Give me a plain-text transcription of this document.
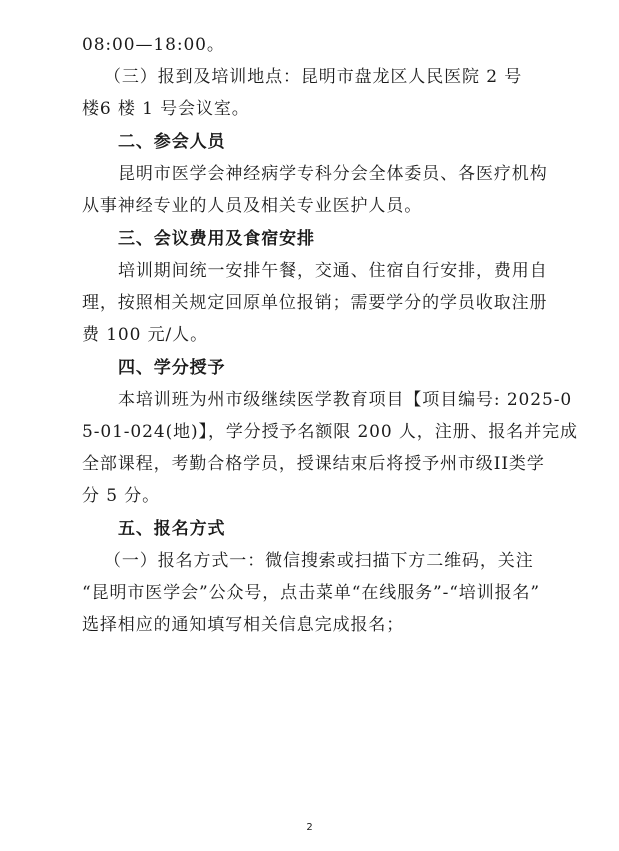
08:00—18:00。
（三）报到及培训地点：昆明市盘龙区人民医院 2 号
楼6 楼 1 号会议室。
二、参会人员
昆明市医学会神经病学专科分会全体委员、各医疗机构
从事神经专业的人员及相关专业医护人员。
三、会议费用及食宿安排
培训期间统一安排午餐，交通、住宿自行安排，费用自
理，按照相关规定回原单位报销；需要学分的学员收取注册
费 100 元/人。
四、学分授予
本培训班为州市级继续医学教育项目【项目编号: 2025-0
5-01-024(地)】，学分授予名额限 200 人，注册、报名并完成
全部课程，考勤合格学员，授课结束后将授予州市级II类学
分 5 分。
五、报名方式
（一）报名方式一：微信搜索或扫描下方二维码，关注
“昆明市医学会”公众号，点击菜单“在线服务”-“培训报名”
选择相应的通知填写相关信息完成报名；
2
